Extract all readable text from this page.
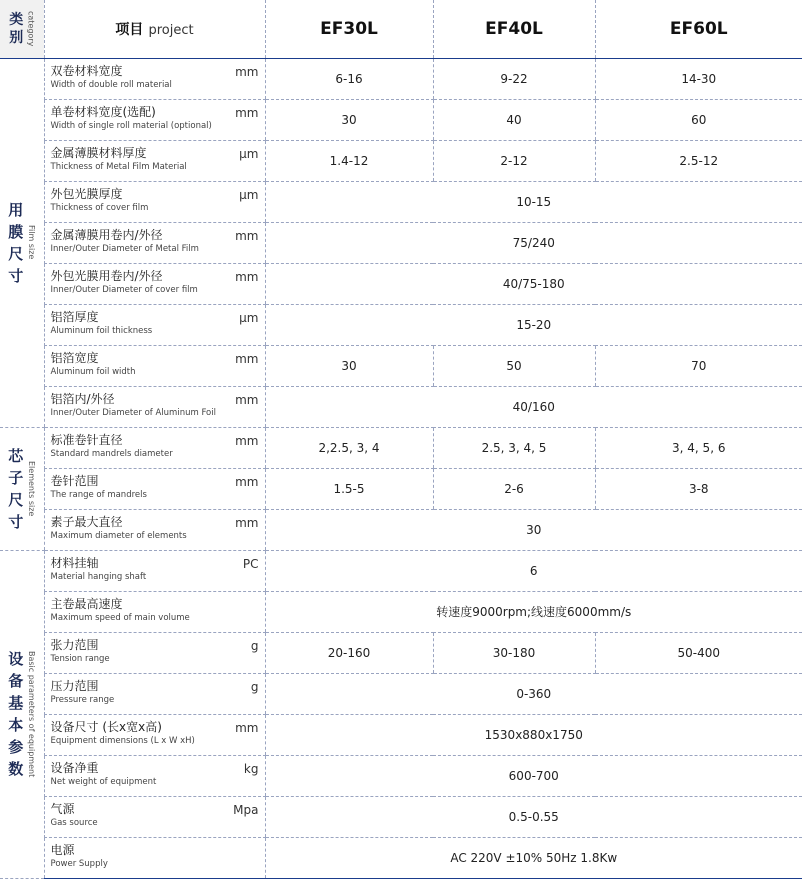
类别 category	项目 project	EF30L	EF40L	EF60L
用膜尺寸Film size	双卷材料宽度
Width of double roll material
mm	6-16	9-22	14-30

	单卷材料宽度(选配)
Width of single roll material (optional)
mm	30	40	60

	金属薄膜材料厚度
Thickness of Metal Film Material
μm	1.4-12	2-12	2.5-12

	外包光膜厚度
Thickness of cover film
μm	10-15		

	金属薄膜用卷内/外径
Inner/Outer Diameter of Metal Film
mm	75/240		

	外包光膜用卷内/外径
Inner/Outer Diameter of cover film
mm	40/75-180		

	铝箔厚度
Aluminum foil thickness
μm	15-20		

	铝箔宽度
Aluminum foil width
mm	30	50	70

	铝箔内/外径
Inner/Outer Diameter of Aluminum Foil
mm	40/160		
芯子尺寸Elements size	标准卷针直径
Standard mandrels diameter
mm	2,2.5, 3, 4	2.5, 3, 4, 5	3, 4, 5, 6

	卷针范围
The range of mandrels
mm	1.5-5	2-6	3-8

	素子最大直径
Maximum diameter of elements
mm	30		
设备基本参数 Basic parameters of equipment	材料挂轴
Material hanging shaft
PC	6		

	主卷最高速度
Maximum speed of main volume	转速度9000rpm;线速度6000mm/s		

	张力范围
Tension range
g	20-160	30-180	50-400

	压力范围
Pressure range
g	0-360		

	设备尺寸 (长x宽x高)
Equipment dimensions (L x W xH)
mm	1530x880x1750		

	设备净重
Net weight of equipment
kg	600-700		

	气源
Gas source
Mpa	0.5-0.55		

	电源
Power Supply	AC 220V ±10% 50Hz 1.8Kw		
